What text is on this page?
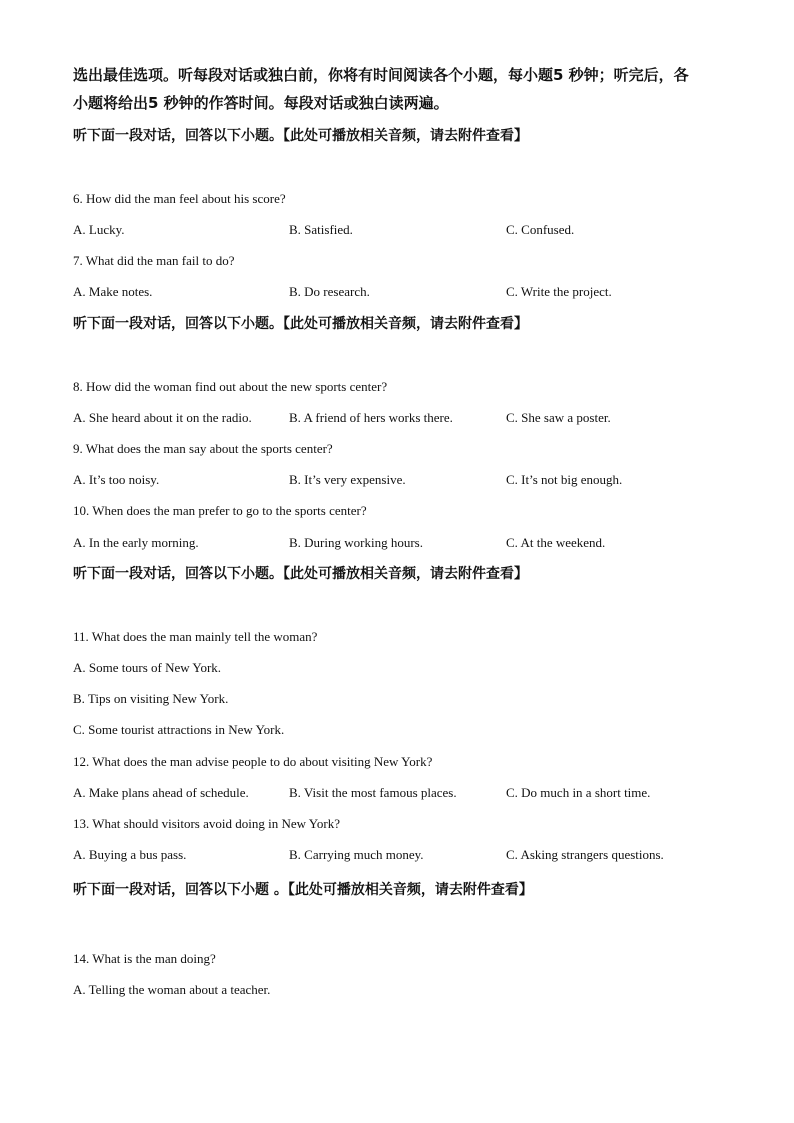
选出最佳选项。听每段对话或独白前，你将有时间阅读各个小题，每小题5 秒钟；听完后，各
小题将给出5 秒钟的作答时间。每段对话或独白读两遍。
听下面一段对话，回答以下小题。【此处可播放相关音频，请去附件查看】
6. How did the man feel about his score?
A. Lucky.	B. Satisfied.	C. Confused.
7. What did the man fail to do?
A. Make notes.	B. Do research.	C. Write the project.
听下面一段对话，回答以下小题。【此处可播放相关音频，请去附件查看】
8. How did the woman find out about the new sports center?
A. She heard about it on the radio.	B. A friend of hers works there.	C. She saw a poster.
9. What does the man say about the sports center?
A. It’s too noisy.	B. It’s very expensive.	C. It’s not big enough.
10. When does the man prefer to go to the sports center?
A. In the early morning.	B. During working hours.	C. At the weekend.
听下面一段对话，回答以下小题。【此处可播放相关音频，请去附件查看】
11. What does the man mainly tell the woman?
A. Some tours of New York.
B. Tips on visiting New York.
C. Some tourist attractions in New York.
12. What does the man advise people to do about visiting New York?
A. Make plans ahead of schedule.	B. Visit the most famous places.	C. Do much in a short time.
13. What should visitors avoid doing in New York?
A. Buying a bus pass.	B. Carrying much money.	C. Asking strangers questions.
听下面一段对话，回答以下小题 。【此处可播放相关音频，请去附件查看】
14. What is the man doing?
A. Telling the woman about a teacher.
